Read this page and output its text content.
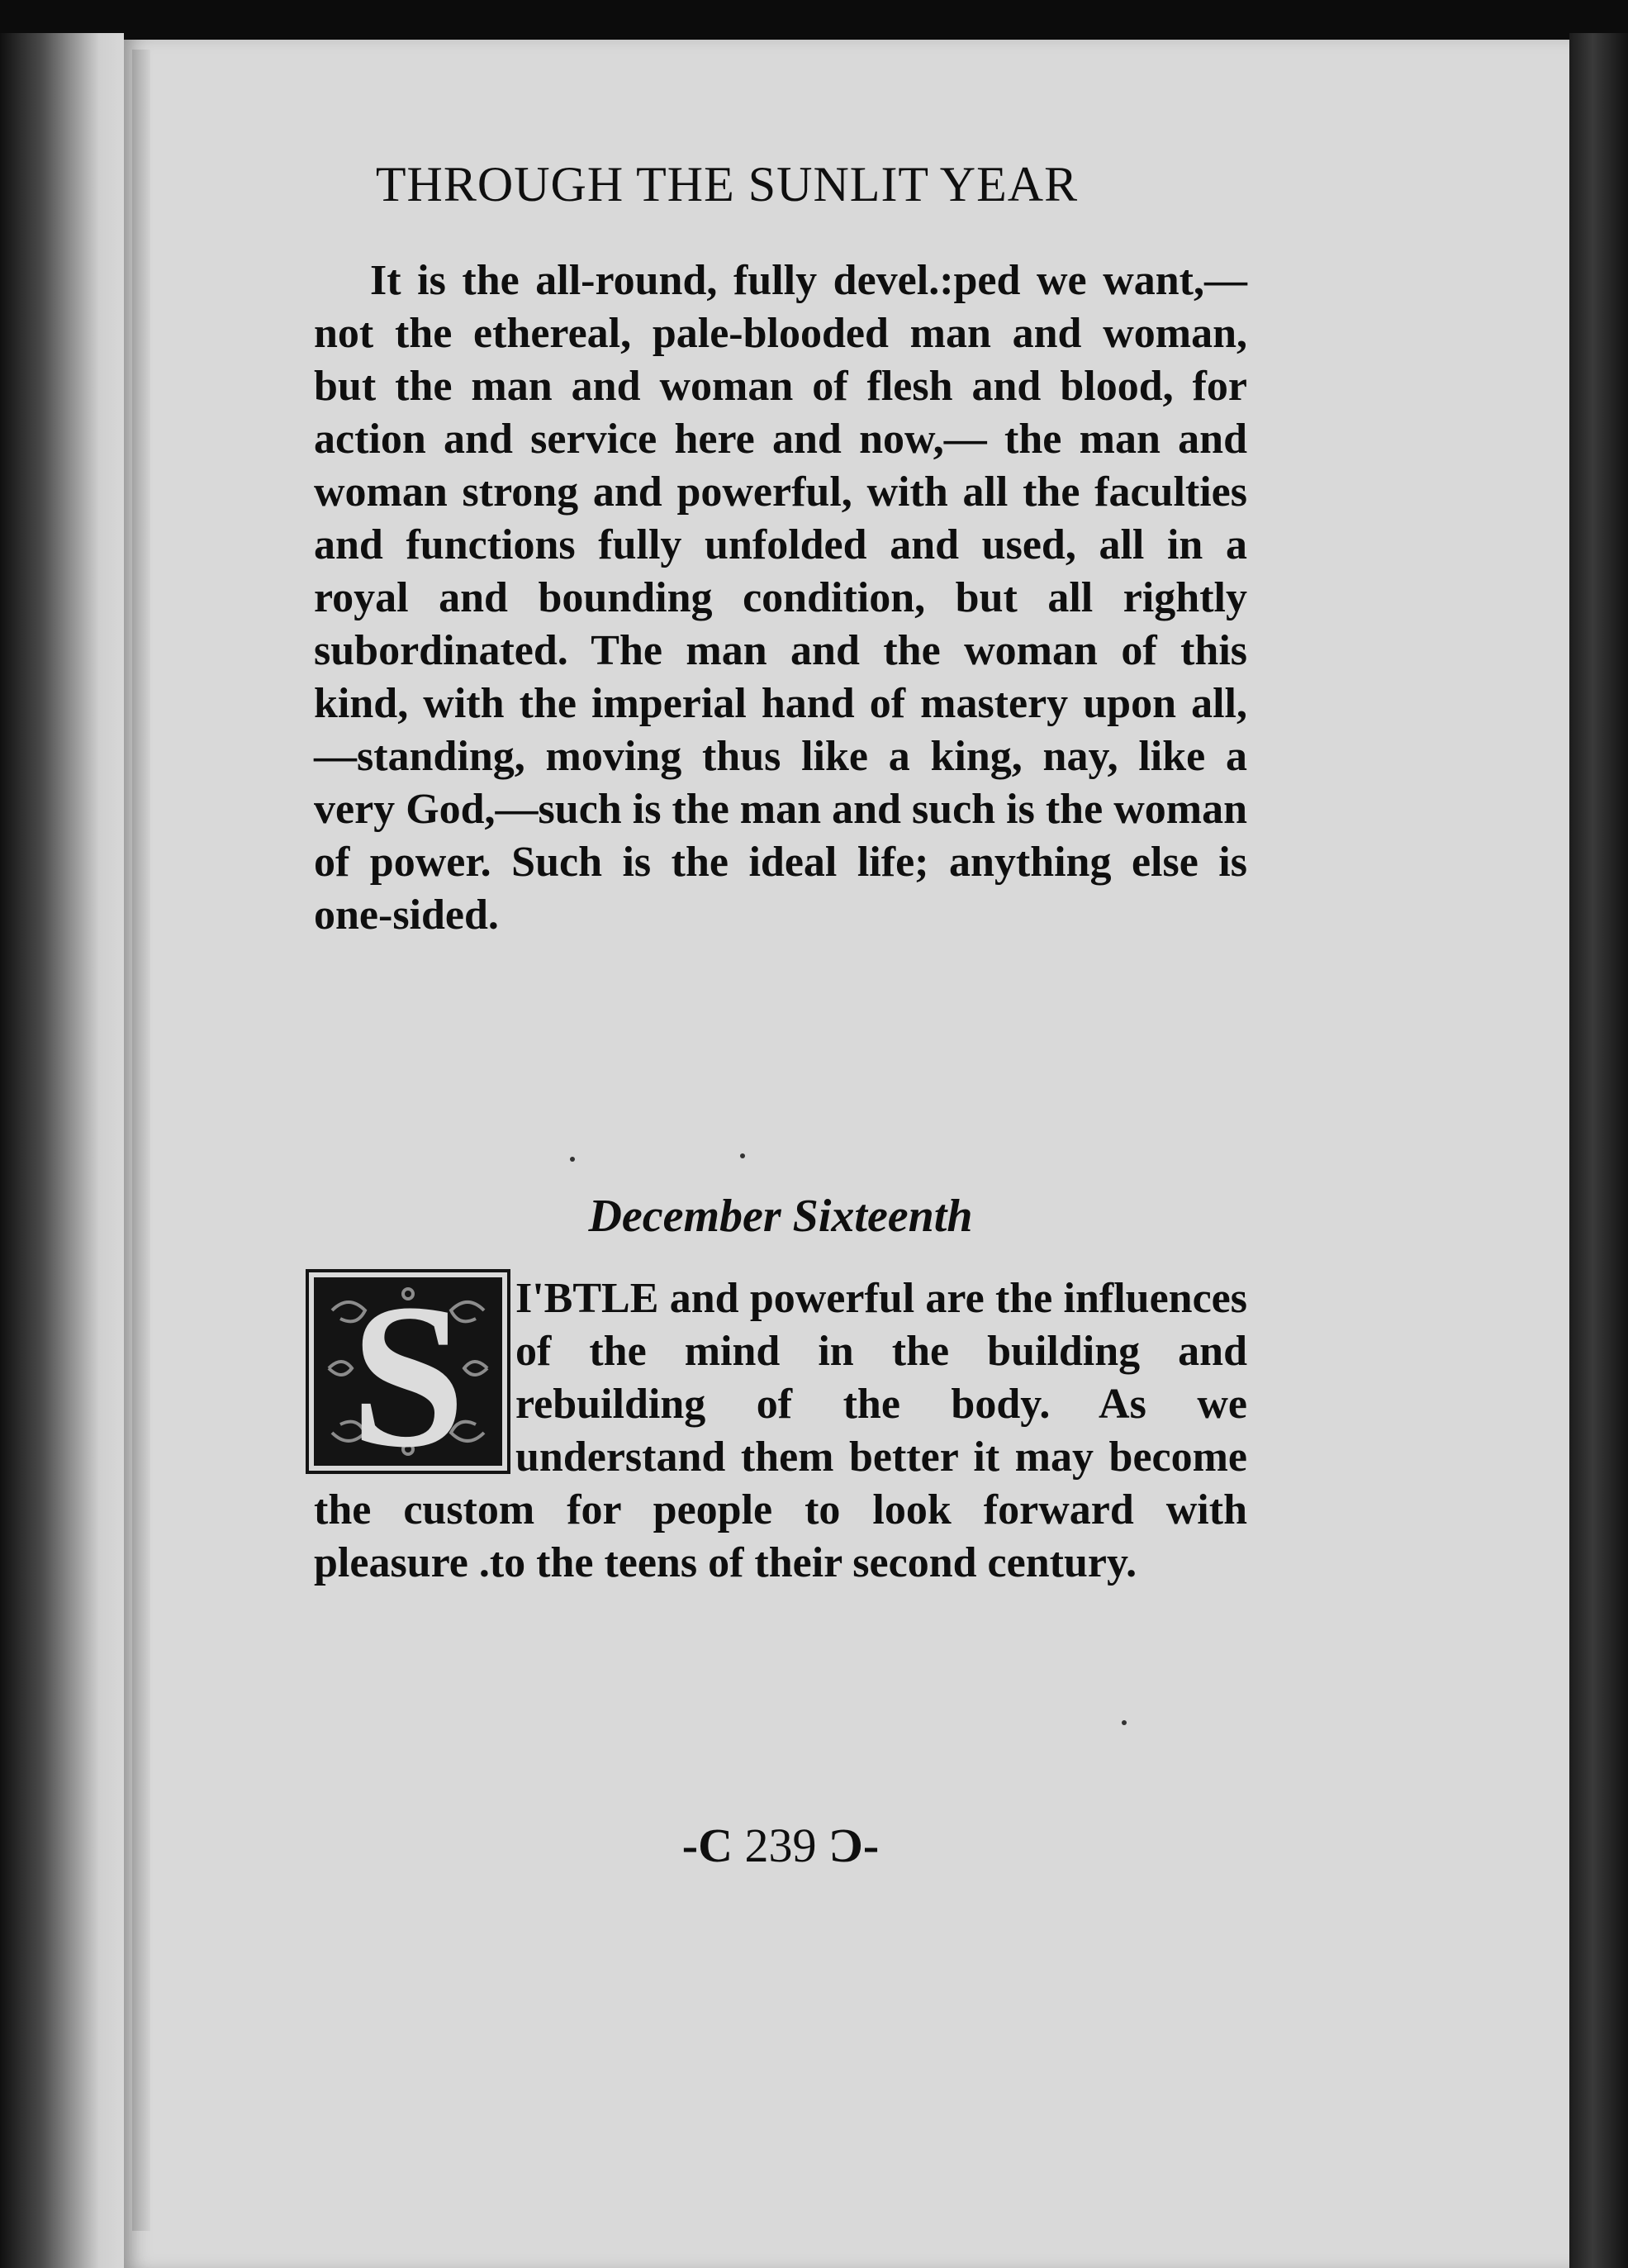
THROUGH THE SUNLIT YEAR

It is the all-round, fully devel.:ped we want,—not the ethereal, pale-blooded man and woman, but the man and woman of flesh and blood, for action and service here and now,— the man and woman strong and powerful, with all the faculties and functions fully unfolded and used, all in a royal and bounding condition, but all rightly subordinated. The man and the woman of this kind, with the imperial hand of mastery upon all,—standing, moving thus like a king, nay, like a very God,—such is the man and such is the woman of power. Such is the ideal life; anything else is one-sided.

December Sixteenth
S	I'BTLE and powerful are the influences of the mind in the building and rebuilding of the body. As we understand them better it may become the custom for people to look forward with pleasure .to the teens of their second century.
-C 239 Ɔ-
